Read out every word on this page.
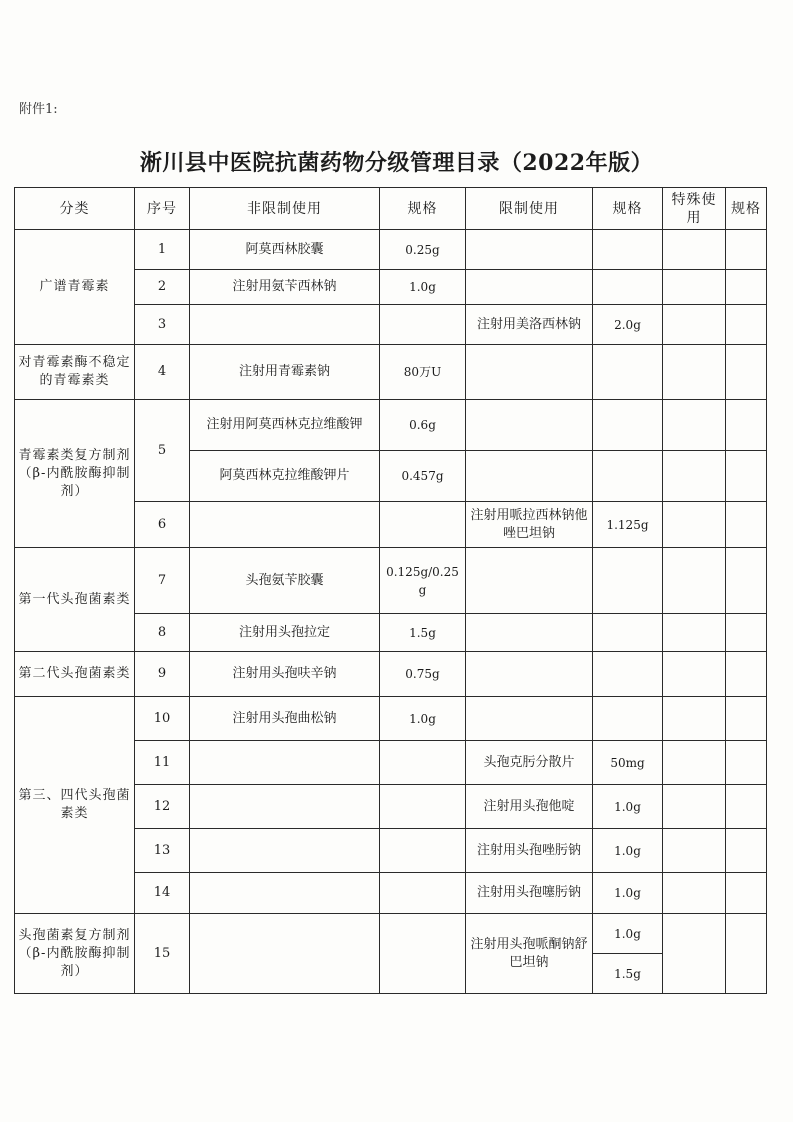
附件1:
淅川县中医院抗菌药物分级管理目录（2022年版）
分类	序号	非限制使用	规格	限制使用	规格	特殊使用	规格
广谱青霉素	1	阿莫西林胶囊	0.25g				
	2	注射用氨苄西林钠	1.0g				
	3			注射用美洛西林钠	2.0g		
对青霉素酶不稳定的青霉素类	4	注射用青霉素钠	80万U				
青霉素类复方制剂（β-内酰胺酶抑制剂）	5	注射用阿莫西林克拉维酸钾	0.6g				
		阿莫西林克拉维酸钾片	0.457g				
	6			注射用哌拉西林钠他唑巴坦钠	1.125g		
第一代头孢菌素类	7	头孢氨苄胶囊	0.125g/0.25g				
	8	注射用头孢拉定	1.5g				
第二代头孢菌素类	9	注射用头孢呋辛钠	0.75g				
第三、四代头孢菌素类	10	注射用头孢曲松钠	1.0g				
	11			头孢克肟分散片	50mg		
	12			注射用头孢他啶	1.0g		
	13			注射用头孢唑肟钠	1.0g		
	14			注射用头孢噻肟钠	1.0g		
头孢菌素复方制剂（β-内酰胺酶抑制剂）	15			注射用头孢哌酮钠舒巴坦钠	1.0g		
					1.5g		
